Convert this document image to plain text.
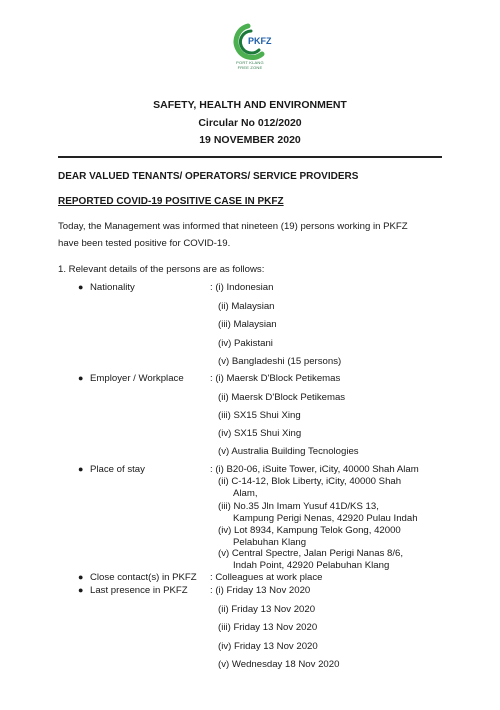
PKFZ
PORT KLANG
FREE ZONE
SAFETY, HEALTH AND ENVIRONMENT
Circular No 012/2020
19 NOVEMBER 2020
DEAR VALUED TENANTS/ OPERATORS/ SERVICE PROVIDERS
REPORTED COVID-19 POSITIVE CASE IN PKFZ
Today, the Management was informed that nineteen (19) persons working in PKFZ
have been tested positive for COVID-19.
1. Relevant details of the persons are as follows:
● Nationality	: (i) Indonesian
(ii) Malaysian
(iii) Malaysian
(iv) Pakistani
(v) Bangladeshi (15 persons)
● Employer / Workplace	: (i) Maersk D'Block Petikemas
(ii) Maersk D'Block Petikemas
(iii) SX15 Shui Xing
(iv) SX15 Shui Xing
(v) Australia Building Tecnologies
● Place of stay	: (i) B20-06, iSuite Tower, iCity, 40000 Shah Alam
(ii) C-14-12, Blok Liberty, iCity, 40000 Shah
Alam,
(iii) No.35 Jln Imam Yusuf 41D/KS 13,
Kampung Perigi Nenas, 42920 Pulau Indah
(iv) Lot 8934, Kampung Telok Gong, 42000
Pelabuhan Klang
(v) Central Spectre, Jalan Perigi Nanas 8/6,
Indah Point, 42920 Pelabuhan Klang
● Close contact(s) in PKFZ : Colleagues at work place
● Last presence in PKFZ : (i) Friday 13 Nov 2020
(ii) Friday 13 Nov 2020
(iii) Friday 13 Nov 2020
(iv) Friday 13 Nov 2020
(v) Wednesday 18 Nov 2020
